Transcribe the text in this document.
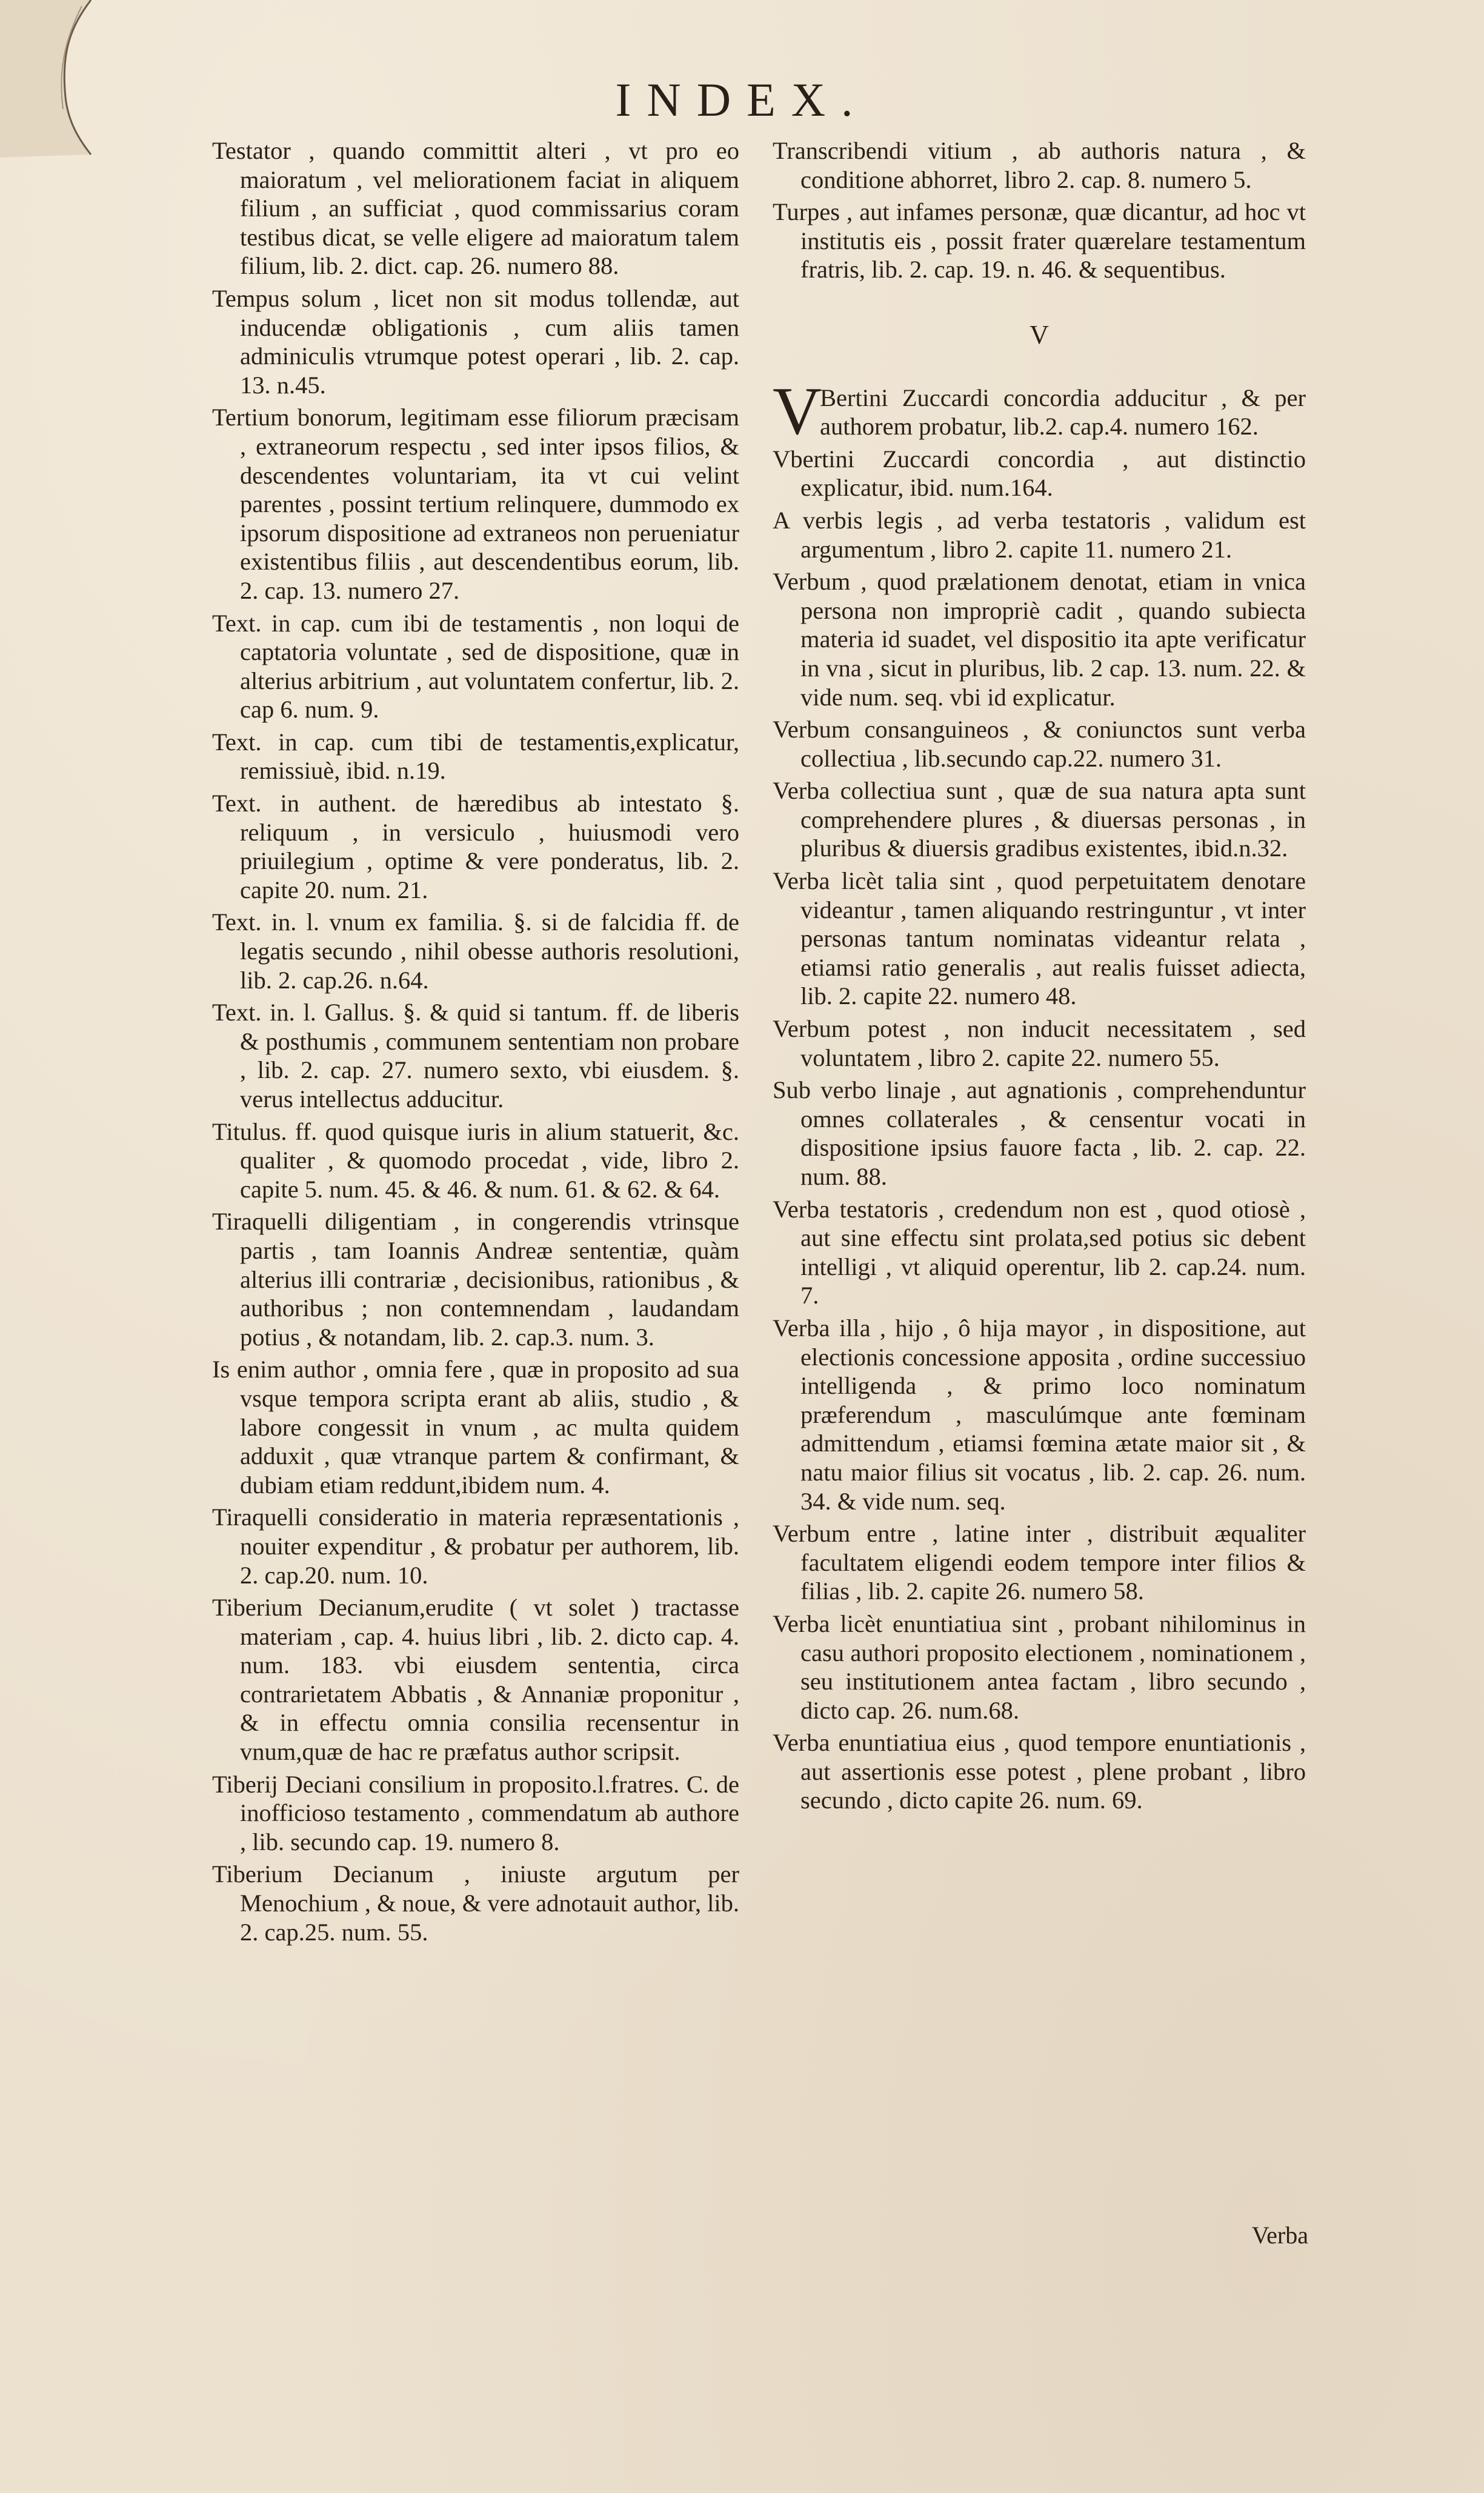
INDEX.

Testator , quando committit alteri , vt pro eo maioratum , vel meliorationem faciat in aliquem filium , an sufficiat , quod commissarius coram testibus dicat, se velle eligere ad maioratum talem filium, lib. 2. dict. cap. 26. numero 88.

Tempus solum , licet non sit modus tollendæ, aut inducendæ obligationis , cum aliis tamen adminiculis vtrumque potest operari , lib. 2. cap. 13. n.45.

Tertium bonorum, legitimam esse filiorum præcisam , extraneorum respectu , sed inter ipsos filios, & descendentes voluntariam, ita vt cui velint parentes , possint tertium relinquere, dummodo ex ipsorum dispositione ad extraneos non perueniatur existentibus filiis , aut descendentibus eorum, lib. 2. cap. 13. numero 27.

Text. in cap. cum ibi de testamentis , non loqui de captatoria voluntate , sed de dispositione, quæ in alterius arbitrium , aut voluntatem confertur, lib. 2. cap 6. num. 9.

Text. in cap. cum tibi de testamentis,explicatur, remissiuè, ibid. n.19.

Text. in authent. de hæredibus ab intestato §. reliquum , in versiculo , huiusmodi vero priuilegium , optime & vere ponderatus, lib. 2. capite 20. num. 21.

Text. in. l. vnum ex familia. §. si de falcidia ff. de legatis secundo , nihil obesse authoris resolutioni, lib. 2. cap.26. n.64.

Text. in. l. Gallus. §. & quid si tantum. ff. de liberis & posthumis , communem sententiam non probare , lib. 2. cap. 27. numero sexto, vbi eiusdem. §. verus intellectus adducitur.

Titulus. ff. quod quisque iuris in alium statuerit, &c. qualiter , & quomodo procedat , vide, libro 2. capite 5. num. 45. & 46. & num. 61. & 62. & 64.

Tiraquelli diligentiam , in congerendis vtrinsque partis , tam Ioannis Andreæ sententiæ, quàm alterius illi contrariæ , decisionibus, rationibus , & authoribus ; non contemnendam , laudandam potius , & notandam, lib. 2. cap.3. num. 3.

Is enim author , omnia fere , quæ in proposito ad sua vsque tempora scripta erant ab aliis, studio , & labore congessit in vnum , ac multa quidem adduxit , quæ vtranque partem & confirmant, & dubiam etiam reddunt,ibidem num. 4.

Tiraquelli consideratio in materia repræsentationis , nouiter expenditur , & probatur per authorem, lib. 2. cap.20. num. 10.

Tiberium Decianum,erudite ( vt solet ) tractasse materiam , cap. 4. huius libri , lib. 2. dicto cap. 4. num. 183. vbi eiusdem sententia, circa contrarietatem Abbatis , & Annaniæ proponitur , & in effectu omnia consilia recensentur in vnum,quæ de hac re præfatus author scripsit.

Tiberij Deciani consilium in proposito.l.fratres. C. de inofficioso testamento , commendatum ab authore , lib. secundo cap. 19. numero 8.

Tiberium Decianum , iniuste argutum per Menochium , & noue, & vere adnotauit author, lib. 2. cap.25. num. 55.

Transcribendi vitium , ab authoris natura , & conditione abhorret, libro 2. cap. 8. numero 5.

Turpes , aut infames personæ, quæ dicantur, ad hoc vt institutis eis , possit frater quærelare testamentum fratris, lib. 2. cap. 19. n. 46. & sequentibus.

V
V
Bertini Zuccardi concordia adducitur , & per authorem probatur, lib.2. cap.4. numero 162.

Vbertini Zuccardi concordia , aut distinctio explicatur, ibid. num.164.

A verbis legis , ad verba testatoris , validum est argumentum , libro 2. capite 11. numero 21.

Verbum , quod prælationem denotat, etiam in vnica persona non impropriè cadit , quando subiecta materia id suadet, vel dispositio ita apte verificatur in vna , sicut in pluribus, lib. 2 cap. 13. num. 22. & vide num. seq. vbi id explicatur.

Verbum consanguineos , & coniunctos sunt verba collectiua , lib.secundo cap.22. numero 31.

Verba collectiua sunt , quæ de sua natura apta sunt comprehendere plures , & diuersas personas , in pluribus & diuersis gradibus existentes, ibid.n.32.

Verba licèt talia sint , quod perpetuitatem denotare videantur , tamen aliquando restringuntur , vt inter personas tantum nominatas videantur relata , etiamsi ratio generalis , aut realis fuisset adiecta, lib. 2. capite 22. numero 48.

Verbum potest , non inducit necessitatem , sed voluntatem , libro 2. capite 22. numero 55.

Sub verbo linaje , aut agnationis , comprehenduntur omnes collaterales , & censentur vocati in dispositione ipsius fauore facta , lib. 2. cap. 22. num. 88.

Verba testatoris , credendum non est , quod otiosè , aut sine effectu sint prolata,sed potius sic debent intelligi , vt aliquid operentur, lib 2. cap.24. num. 7.

Verba illa , hijo , ô hija mayor , in dispositione, aut electionis concessione apposita , ordine successiuo intelligenda , & primo loco nominatum præferendum , masculúmque ante fœminam admittendum , etiamsi fœmina ætate maior sit , & natu maior filius sit vocatus , lib. 2. cap. 26. num. 34. & vide num. seq.

Verbum entre , latine inter , distribuit æqualiter facultatem eligendi eodem tempore inter filios & filias , lib. 2. capite 26. numero 58.

Verba licèt enuntiatiua sint , probant nihilominus in casu authori proposito electionem , nominationem , seu institutionem antea factam , libro secundo , dicto cap. 26. num.68.

Verba enuntiatiua eius , quod tempore enuntiationis , aut assertionis esse potest , plene probant , libro secundo , dicto capite 26. num. 69.

Verba
